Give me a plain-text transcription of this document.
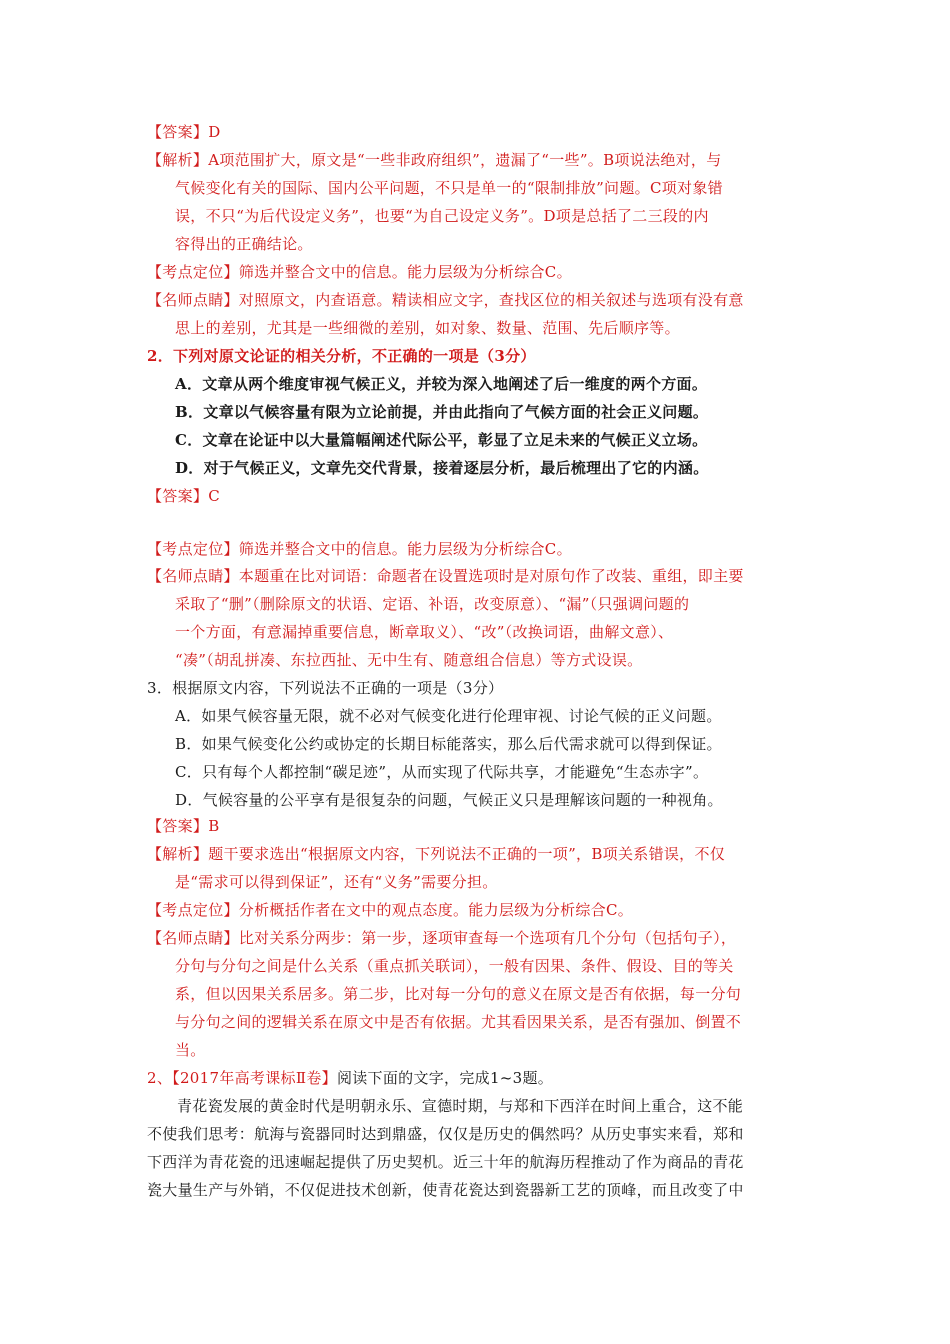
【答案】D
【解析】A项范围扩大，原文是“一些非政府组织”，遗漏了“一些”。B项说法绝对，与
气候变化有关的国际、国内公平问题，不只是单一的“限制排放”问题。C项对象错
误，不只“为后代设定义务”，也要“为自己设定义务”。D项是总括了二三段的内
容得出的正确结论。
【考点定位】筛选并整合文中的信息。能力层级为分析综合C。
【名师点睛】对照原文，内查语意。精读相应文字，查找区位的相关叙述与选项有没有意
思上的差别，尤其是一些细微的差别，如对象、数量、范围、先后顺序等。
2．下列对原文论证的相关分析，不正确的一项是（3分）
A．文章从两个维度审视气候正义，并较为深入地阐述了后一维度的两个方面。
B．文章以气候容量有限为立论前提，并由此指向了气候方面的社会正义问题。
C．文章在论证中以大量篇幅阐述代际公平，彰显了立足未来的气候正义立场。
D．对于气候正义，文章先交代背景，接着逐层分析，最后梳理出了它的内涵。
【答案】C
【考点定位】筛选并整合文中的信息。能力层级为分析综合C。
【名师点睛】本题重在比对词语：命题者在设置选项时是对原句作了改装、重组，即主要
采取了“删”（删除原文的状语、定语、补语，改变原意）、“漏”（只强调问题的
一个方面，有意漏掉重要信息，断章取义）、“改”（改换词语，曲解文意）、
“凑”（胡乱拼凑、东拉西扯、无中生有、随意组合信息）等方式设误。
3．根据原文内容，下列说法不正确的一项是（3分）
A．如果气候容量无限，就不必对气候变化进行伦理审视、讨论气候的正义问题。
B．如果气候变化公约或协定的长期目标能落实，那么后代需求就可以得到保证。
C．只有每个人都控制“碳足迹”，从而实现了代际共享，才能避免“生态赤字”。
D．气候容量的公平享有是很复杂的问题，气候正义只是理解该问题的一种视角。
【答案】B
【解析】题干要求选出“根据原文内容，下列说法不正确的一项”，B项关系错误，不仅
是“需求可以得到保证”，还有“义务”需要分担。
【考点定位】分析概括作者在文中的观点态度。能力层级为分析综合C。
【名师点睛】比对关系分两步：第一步，逐项审查每一个选项有几个分句（包括句子），
分句与分句之间是什么关系（重点抓关联词），一般有因果、条件、假设、目的等关
系，但以因果关系居多。第二步，比对每一分句的意义在原文是否有依据，每一分句
与分句之间的逻辑关系在原文中是否有依据。尤其看因果关系，是否有强加、倒置不
当。
2、【2017年高考课标Ⅱ卷】阅读下面的文字，完成1~3题。
青花瓷发展的黄金时代是明朝永乐、宣德时期，与郑和下西洋在时间上重合，这不能
不使我们思考：航海与瓷器同时达到鼎盛，仅仅是历史的偶然吗？从历史事实来看，郑和
下西洋为青花瓷的迅速崛起提供了历史契机。近三十年的航海历程推动了作为商品的青花
瓷大量生产与外销，不仅促进技术创新，使青花瓷达到瓷器新工艺的顶峰，而且改变了中
